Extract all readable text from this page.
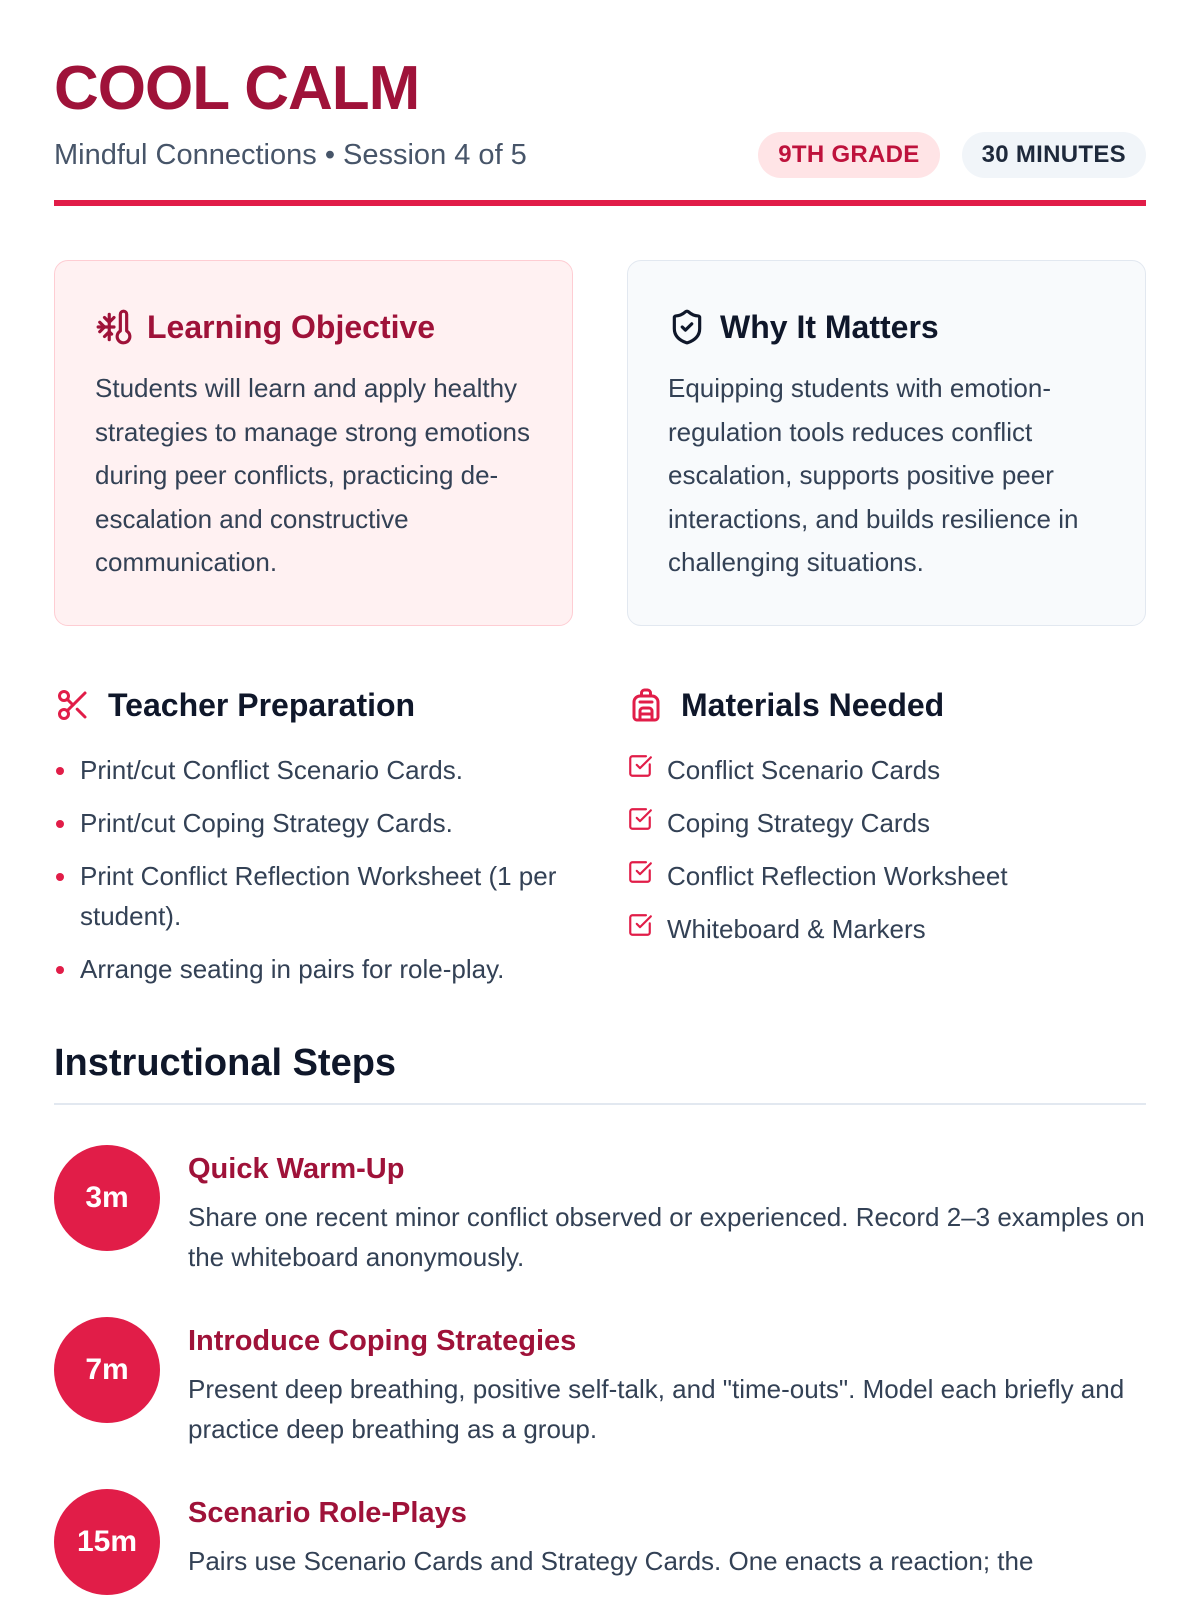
COOL CALM
Mindful Connections • Session 4 of 5	9TH GRADE	30 MINUTES
Learning Objective

Students will learn and apply healthy strategies to manage strong emotions during peer conflicts, practicing de-escalation and constructive communication.

Why It Matters

Equipping students with emotion-regulation tools reduces conflict escalation, supports positive peer interactions, and builds resilience in challenging situations.

Teacher Preparation
Print/cut Conflict Scenario Cards.
Print/cut Coping Strategy Cards.
Print Conflict Reflection Worksheet (1 per student).
Arrange seating in pairs for role-play.
Materials Needed
Conflict Scenario Cards
Coping Strategy Cards
Conflict Reflection Worksheet
Whiteboard & Markers
Instructional Steps
3m
Quick Warm-Up

Share one recent minor conflict observed or experienced. Record 2–3 examples on the whiteboard anonymously.

7m
Introduce Coping Strategies

Present deep breathing, positive self-talk, and "time-outs". Model each briefly and practice deep breathing as a group.

15m
Scenario Role-Plays

Pairs use Scenario Cards and Strategy Cards. One enacts a reaction; the
